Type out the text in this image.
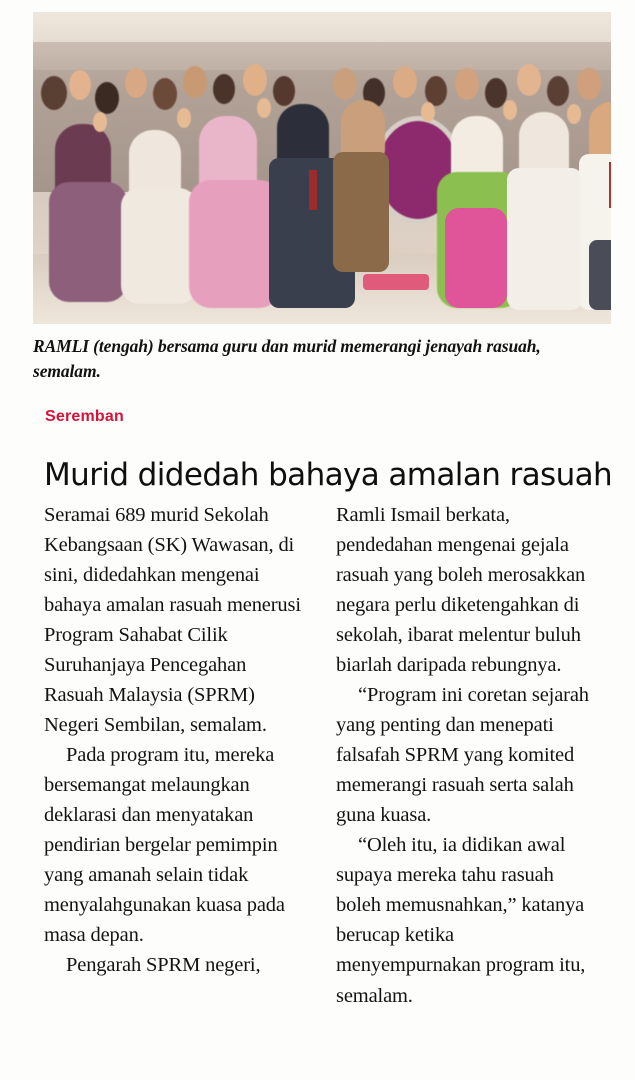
RAMLI (tengah) bersama guru dan murid memerangi jenayah rasuah, semalam.
Seremban
Murid didedah bahaya amalan rasuah

Seramai 689 murid Sekolah Kebangsaan (SK) Wawasan, di sini, didedahkan mengenai bahaya amalan rasuah menerusi Program Sahabat Cilik Suruhanjaya Pencegahan Rasuah Malaysia (SPRM) Negeri Sembilan, semalam.

Pada program itu, mereka bersemangat melaungkan deklarasi dan menyatakan pendirian bergelar pemimpin yang amanah selain tidak menyalahgunakan kuasa pada masa depan.

Pengarah SPRM negeri,

Ramli Ismail berkata, pendedahan mengenai gejala rasuah yang boleh merosakkan negara perlu diketengahkan di sekolah, ibarat melentur buluh biarlah daripada rebungnya.

“Program ini coretan sejarah yang penting dan menepati falsafah SPRM yang komited memerangi rasuah serta salah guna kuasa.

“Oleh itu, ia didikan awal supaya mereka tahu rasuah boleh memusnahkan,” katanya berucap ketika menyempurnakan program itu, semalam.
